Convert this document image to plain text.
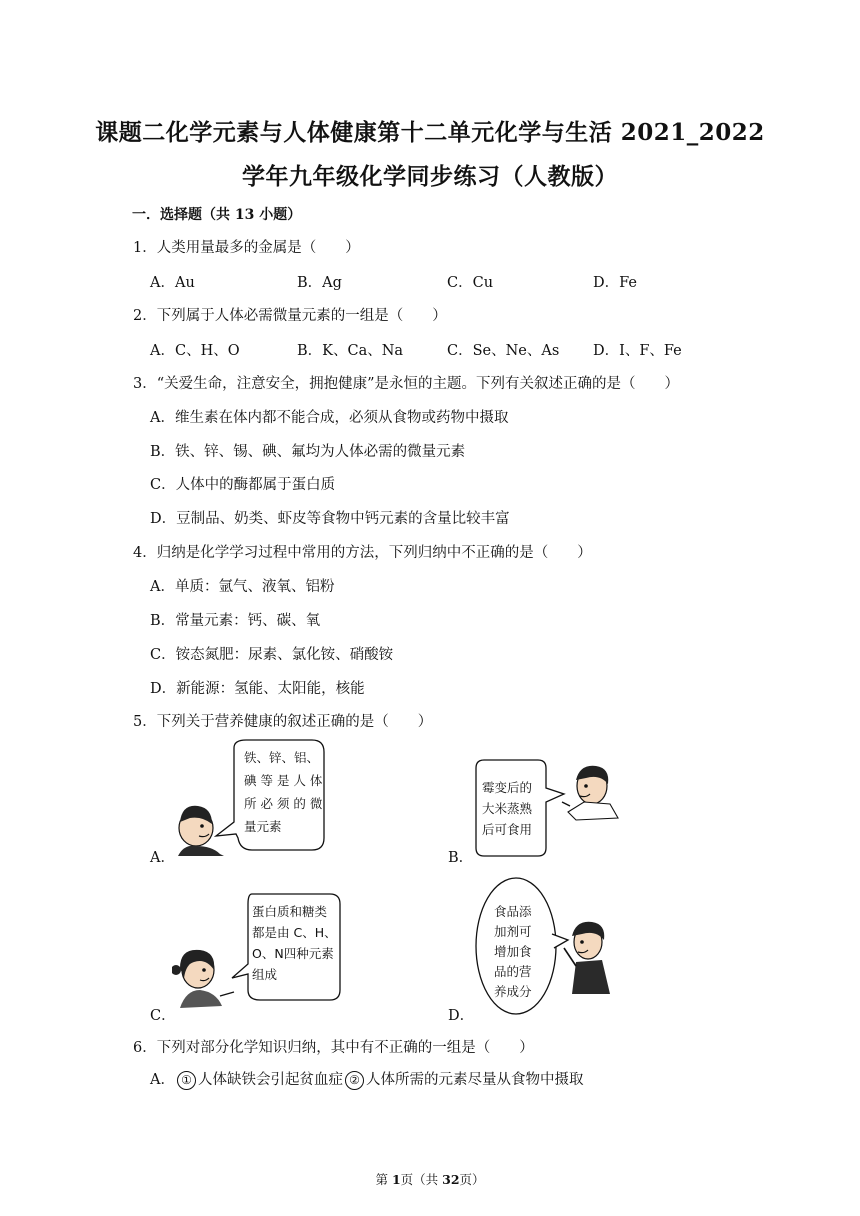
课题二化学元素与人体健康第十二单元化学与生活 2021_2022
学年九年级化学同步练习（人教版）
一．选择题（共 13 小题）
1．人类用量最多的金属是（　　）
A．Au	B．Ag	C．Cu	D．Fe
2．下列属于人体必需微量元素的一组是（　　）
A．C、H、O	B．K、Ca、Na	C．Se、Ne、As D．I、F、Fe
3．“关爱生命，注意安全，拥抱健康”是永恒的主题。下列有关叙述正确的是（　　）
A．维生素在体内都不能合成，必须从食物或药物中摄取
B．铁、锌、锡、碘、氟均为人体必需的微量元素
C．人体中的酶都属于蛋白质
D．豆制品、奶类、虾皮等食物中钙元素的含量比较丰富
4．归纳是化学学习过程中常用的方法，下列归纳中不正确的是（　　）
A．单质：氩气、液氧、铝粉
B．常量元素：钙、碳、氧
C．铵态氮肥：尿素、氯化铵、硝酸铵
D．新能源：氢能、太阳能，核能
5．下列关于营养健康的叙述正确的是（　　）
A．	B．
C．	D．
铁、锌、铝、
碘 等 是 人 体
所 必 须 的 微
量元素
霉变后的
大米蒸熟
后可食用
蛋白质和糖类
都是由 C、H、
O、N四种元素
组成
食品添
加剂可
增加食
品的营
养成分
6．下列对部分化学知识归纳，其中有不正确的一组是（　　）
A． ① 人体缺铁会引起贫血症 ② 人体所需的元素尽量从食物中摄取
第 1页（共 32页）
